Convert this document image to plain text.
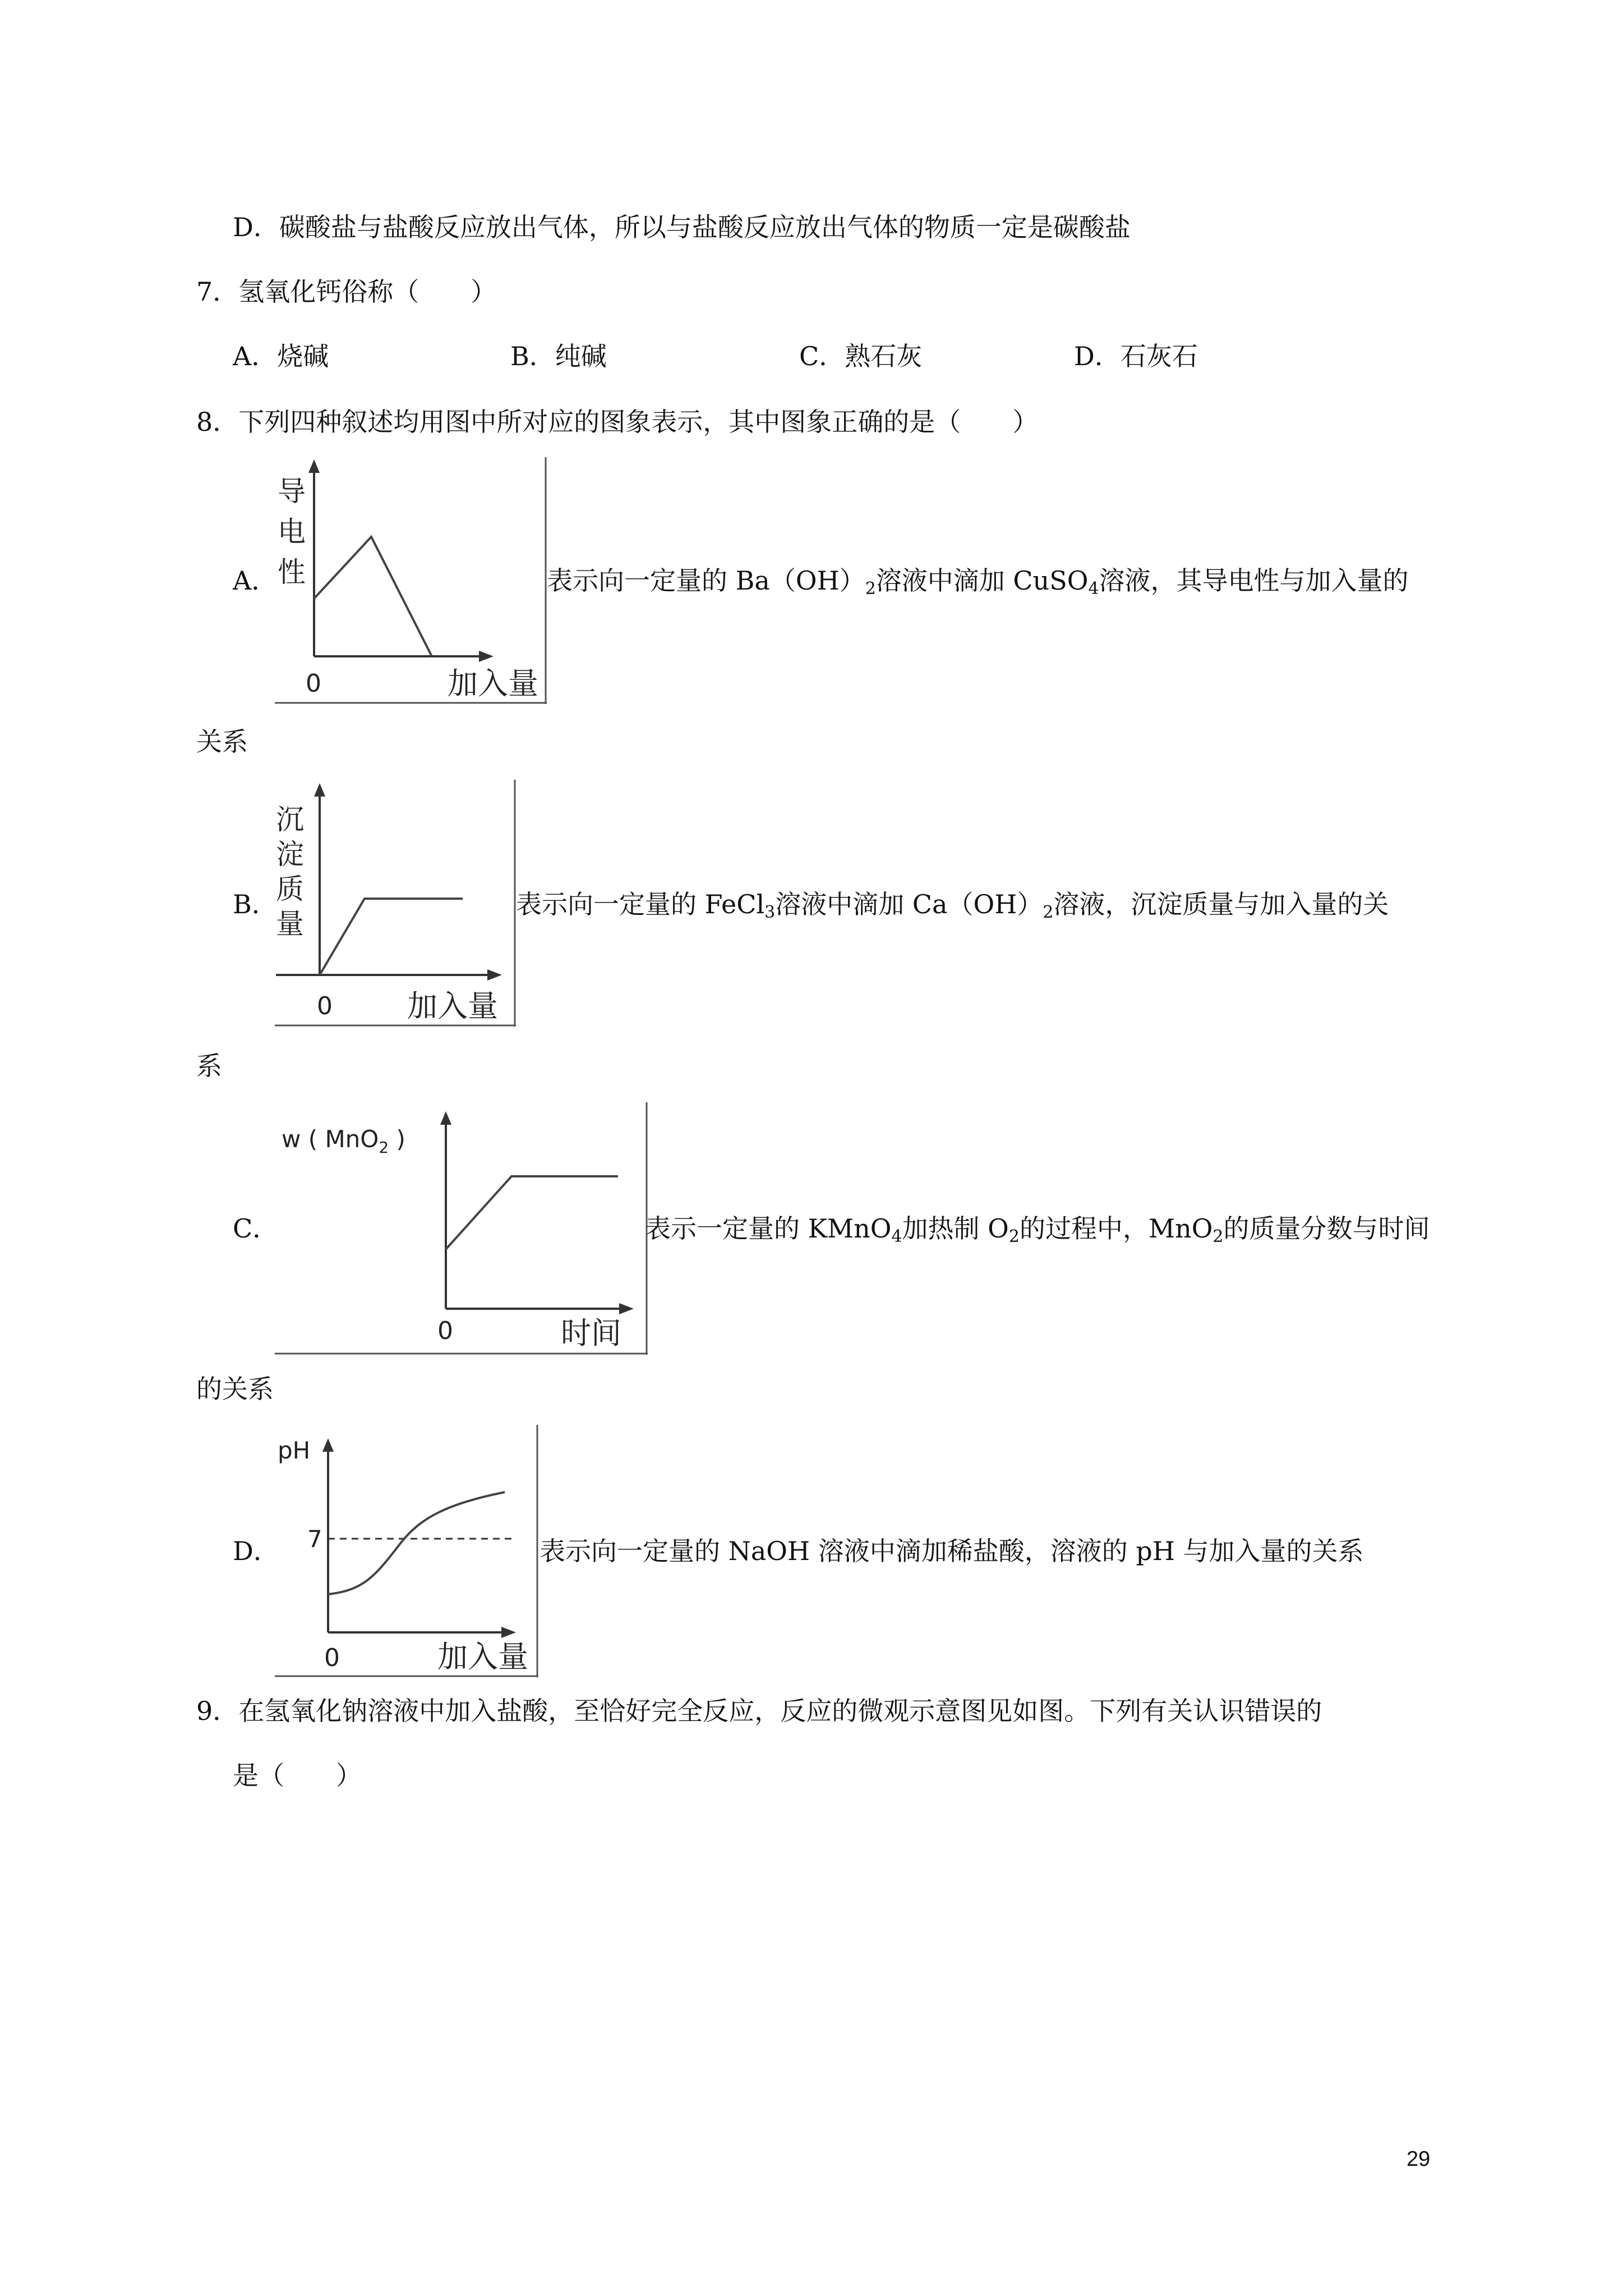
D．碳酸盐与盐酸反应放出气体，所以与盐酸反应放出气体的物质一定是碳酸盐
7．氢氧化钙俗称（　　）
A．烧碱	B．纯碱	C．熟石灰	D．石灰石
8．下列四种叙述均用图中所对应的图象表示，其中图象正确的是（　　）
A．
导
电
性
0	加入量
表示向一定量的 $Ba(OH)_2$溶液中滴加 CuSO$_4$溶液，其导电性与加入量的
关系
B．
沉
淀
质
量
0 加入量
表示向一定量的 FeCl$_3$溶液中滴加 $Ca(OH)_2$溶液，沉淀质量与加入量的关
系
C．
w ( MnO$_2$ )
0	时间
表示一定量的 KMnO$_4$加热制 $O_2$的过程中，MnO$_2$的质量分数与时间
的关系
D．
pH
7
0	加入量
表示向一定量的 NaOH 溶液中滴加稀盐酸，溶液的 pH 与加入量的关系
9．在氢氧化钠溶液中加入盐酸，至恰好完全反应，反应的微观示意图见如图。下列有关认识错误的
是（　　）
29
